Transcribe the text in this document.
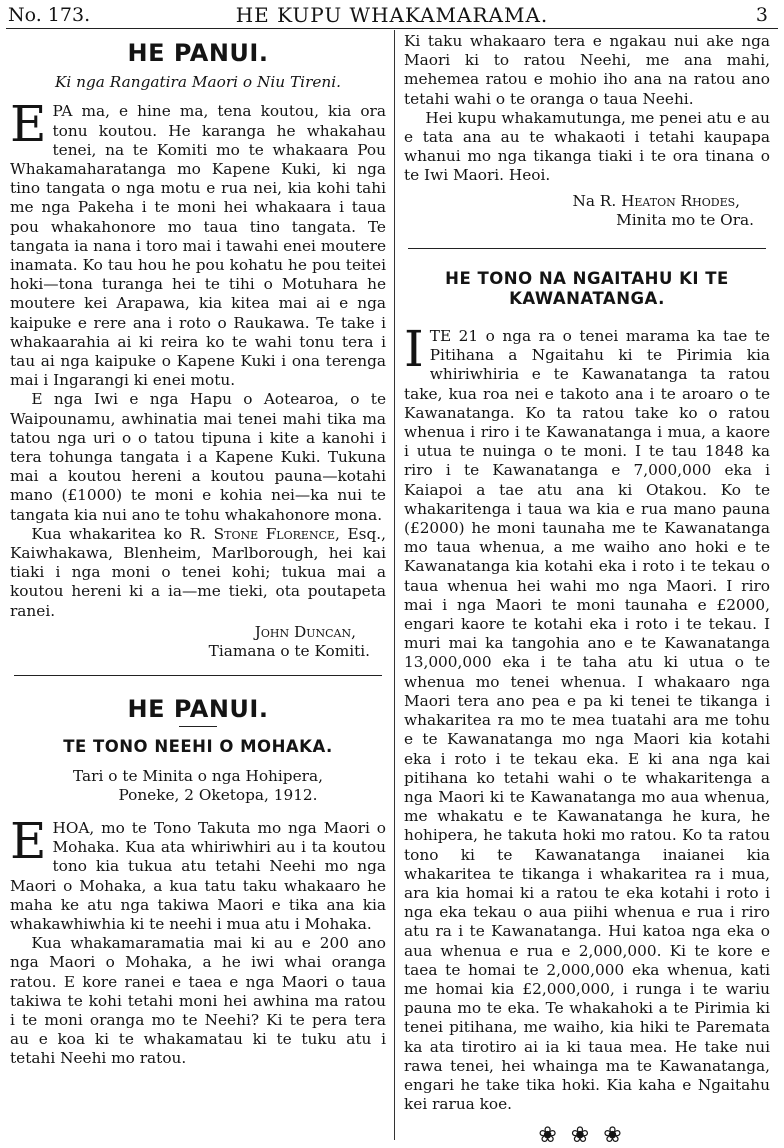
No. 173.	HE KUPU WHAKAMARAMA.	3
HE PANUI.
Ki nga Rangatira Maori o Niu Tireni.

EPA ma, e hine ma, tena koutou, kia ora tonu koutou. He karanga he whakahau tenei, na te Komiti mo te whakaara Pou Whakamaharatanga mo Kapene Kuki, ki nga tino tangata o nga motu e rua nei, kia kohi tahi me nga Pakeha i te moni hei whakaara i taua pou whakahonore mo taua tino tangata. Te tangata ia nana i toro mai i tawahi enei moutere inamata. Ko tau hou he pou kohatu he pou teitei hoki—tona turanga hei te tihi o Motuhara he moutere kei Arapawa, kia kitea mai ai e nga kaipuke e rere ana i roto o Raukawa. Te take i whakaarahia ai ki reira ko te wahi tonu tera i tau ai nga kaipuke o Kapene Kuki i ona terenga mai i Ingarangi ki enei motu.

E nga Iwi e nga Hapu o Aotearoa, o te Waipounamu, awhinatia mai tenei mahi tika ma tatou nga uri o o tatou tipuna i kite a kanohi i tera tohunga tangata i a Kapene Kuki. Tukuna mai a koutou hereni a koutou pauna—kotahi mano (£1000) te moni e kohia nei—ka nui te tangata kia nui ano te tohu whakahonore mona.

Kua whakaritea ko R. Stone Florence, Esq., Kaiwhakawa, Blenheim, Marlborough, hei kai tiaki i nga moni o tenei kohi; tukua mai a koutou hereni ki a ia—me tieki, ota poutapeta ranei.

John Duncan,
Tiamana o te Komiti.
HE PANUI.
TE TONO NEEHI O MOHAKA.
Tari o te Minita o nga Hohipera,
Poneke, 2 Oketopa, 1912.

EHOA, mo te Tono Takuta mo nga Maori o Mohaka. Kua ata whiriwhiri au i ta koutou tono kia tukua atu tetahi Neehi mo nga Maori o Mohaka, a kua tatu taku whakaaro he maha ke atu nga takiwa Maori e tika ana kia whakawhiwhia ki te neehi i mua atu i Mohaka.

Kua whakamaramatia mai ki au e 200 ano nga Maori o Mohaka, a he iwi whai oranga ratou. E kore ranei e taea e nga Maori o taua takiwa te kohi tetahi moni hei awhina ma ratou i te moni oranga mo te Neehi? Ki te pera tera au e koa ki te whakamatau ki te tuku atu i tetahi Neehi mo ratou.

Ki taku whakaaro tera e ngakau nui ake nga Maori ki to ratou Neehi, me ana mahi, mehemea ratou e mohio iho ana na ratou ano tetahi wahi o te oranga o taua Neehi.

Hei kupu whakamutunga, me penei atu e au e tata ana au te whakaoti i tetahi kaupapa whanui mo nga tikanga tiaki i te ora tinana o te Iwi Maori. Heoi.

Na R. Heaton Rhodes,
Minita mo te Ora.
HE TONO NA NGAITAHU KI TE KAWANATANGA.

ITE 21 o nga ra o tenei marama ka tae te Pitihana a Ngaitahu ki te Pirimia kia whiriwhiria e te Kawanatanga ta ratou take, kua roa nei e takoto ana i te aroaro o te Kawanatanga. Ko ta ratou take ko o ratou whenua i riro i te Kawanatanga i mua, a kaore i utua te nuinga o te moni. I te tau 1848 ka riro i te Kawanatanga e 7,000,000 eka i Kaiapoi a tae atu ana ki Otakou. Ko te whakaritenga i taua wa kia e rua mano pauna (£2000) he moni taunaha me te Kawanatanga mo taua whenua, a me waiho ano hoki e te Kawanatanga kia kotahi eka i roto i te tekau o taua whenua hei wahi mo nga Maori. I riro mai i nga Maori te moni taunaha e £2000, engari kaore te kotahi eka i roto i te tekau. I muri mai ka tangohia ano e te Kawanatanga 13,000,000 eka i te taha atu ki utua o te whenua mo tenei whenua. I whakaaro nga Maori tera ano pea e pa ki tenei te tikanga i whakaritea ra mo te mea tuatahi ara me tohu e te Kawanatanga mo nga Maori kia kotahi eka i roto i te tekau eka. E ki ana nga kai pitihana ko tetahi wahi o te whakaritenga a nga Maori ki te Kawanatanga mo aua whenua, me whakatu e te Kawanatanga he kura, he hohipera, he takuta hoki mo ratou. Ko ta ratou tono ki te Kawanatanga inaianei kia whakaritea te tikanga i whakaritea ra i mua, ara kia homai ki a ratou te eka kotahi i roto i nga eka tekau o aua piihi whenua e rua i riro atu ra i te Kawanatanga. Hui katoa nga eka o aua whenua e rua e 2,000,000. Ki te kore e taea te homai te 2,000,000 eka whenua, kati me homai kia £2,000,000, i runga i te wariu pauna mo te eka. Te whakahoki a te Pirimia ki tenei pitihana, me waiho, kia hiki te Paremata ka ata tirotiro ai ia ki taua mea. He take nui rawa tenei, hei whainga ma te Kawanatanga, engari he take tika hoki. Kia kaha e Ngaitahu kei rarua koe.

❀❀❀
